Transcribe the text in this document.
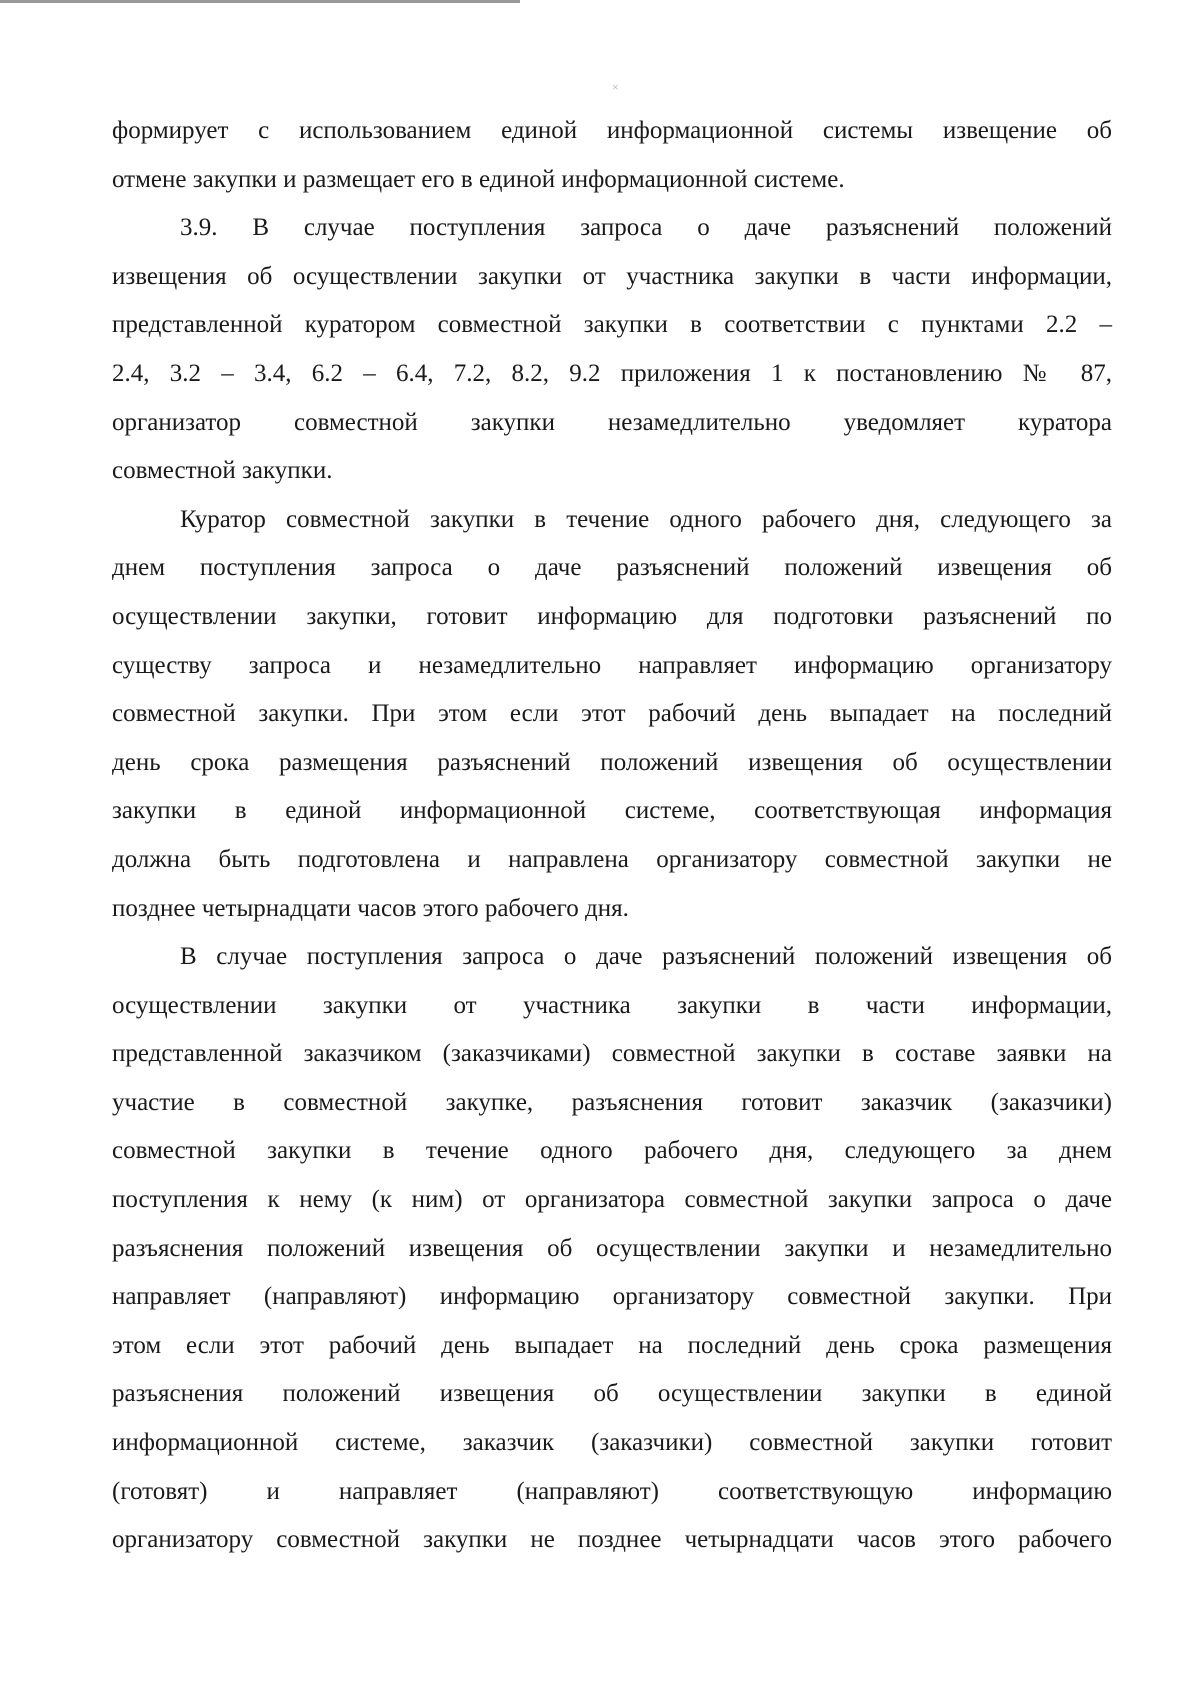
×
формирует с использованием единой информационной системы извещение об
отмене закупки и размещает его в единой информационной системе.
3.9. В случае поступления запроса о даче разъяснений положений
извещения об осуществлении закупки от участника закупки в части информации,
представленной куратором совместной закупки в соответствии с пунктами 2.2 –
2.4, 3.2 – 3.4, 6.2 – 6.4, 7.2, 8.2, 9.2 приложения 1 к постановлению № 87,
организатор совместной закупки незамедлительно уведомляет куратора
совместной закупки.
Куратор совместной закупки в течение одного рабочего дня, следующего за
днем поступления запроса о даче разъяснений положений извещения об
осуществлении закупки, готовит информацию для подготовки разъяснений по
существу запроса и незамедлительно направляет информацию организатору
совместной закупки. При этом если этот рабочий день выпадает на последний
день срока размещения разъяснений положений извещения об осуществлении
закупки в единой информационной системе, соответствующая информация
должна быть подготовлена и направлена организатору совместной закупки не
позднее четырнадцати часов этого рабочего дня.
В случае поступления запроса о даче разъяснений положений извещения об
осуществлении закупки от участника закупки в части информации,
представленной заказчиком (заказчиками) совместной закупки в составе заявки на
участие в совместной закупке, разъяснения готовит заказчик (заказчики)
совместной закупки в течение одного рабочего дня, следующего за днем
поступления к нему (к ним) от организатора совместной закупки запроса о даче
разъяснения положений извещения об осуществлении закупки и незамедлительно
направляет (направляют) информацию организатору совместной закупки. При
этом если этот рабочий день выпадает на последний день срока размещения
разъяснения положений извещения об осуществлении закупки в единой
информационной системе, заказчик (заказчики) совместной закупки готовит
(готовят) и направляет (направляют) соответствующую информацию
организатору совместной закупки не позднее четырнадцати часов этого рабочего
